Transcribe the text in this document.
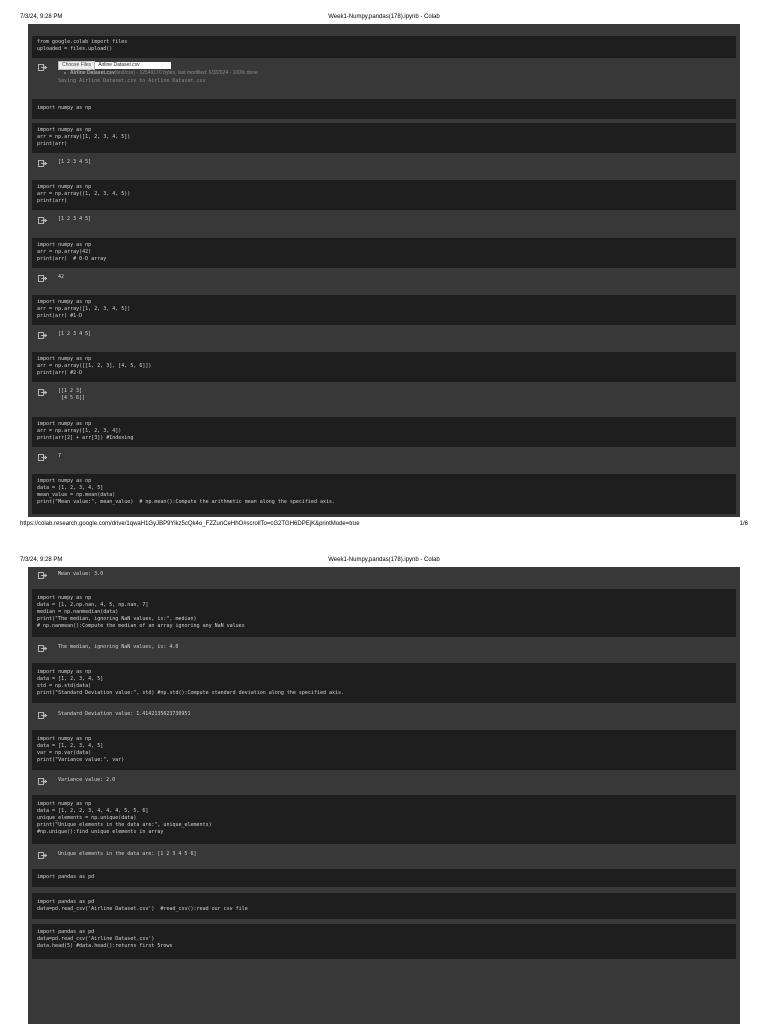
7/3/24, 9:28 PM	Week1-Numpy,pandas(178).ipynb - Colab
from google.colab import files
uploaded = files.upload()
Choose Files	Airline Dataset.csv
Airline Dataset.csv(text/csv) - 12549170 bytes, last modified: 6/3/2024 - 100% done
Saving Airline Dataset.csv to Airline Dataset.csv
import numpy as np
import numpy as np
arr = np.array([1, 2, 3, 4, 5])
print(arr)
[1 2 3 4 5]
import numpy as np
arr = np.array((1, 2, 3, 4, 5))
print(arr)
[1 2 3 4 5]
import numpy as np
arr = np.array(42)
print(arr)  # 0-D array
42
import numpy as np
arr = np.array([1, 2, 3, 4, 5])
print(arr) #1-D
[1 2 3 4 5]
import numpy as np
arr = np.array([[1, 2, 3], [4, 5, 6]])
print(arr) #2-D
[[1 2 3]
[4 5 6]]
import numpy as np
arr = np.array([1, 2, 3, 4])
print(arr[2] + arr[3]) #Indexing
7
import numpy as np
data = [1, 2, 3, 4, 5]
mean_value = np.mean(data)
print("Mean value:", mean_value)  # np.mean():Compute the arithmetic mean along the specified axis.
https://colab.research.google.com/drive/1qwaH1GyJBP9Yikz5cQk4o_FZZunCeHhO#scrollTo=cG2TGH6DPEjK&printMode=true	1/6
7/3/24, 9:28 PM	Week1-Numpy,pandas(178).ipynb - Colab
Mean value: 3.0
import numpy as np
data = [1, 2,np.nan, 4, 5, np.nan, 7]
median = np.nanmedian(data)
print("The median, ignoring NaN values, is:", median)
# np.nanmean():Compute the median of an array ignoring any NaN values
The median, ignoring NaN values, is: 4.0
import numpy as np
data = [1, 2, 3, 4, 5]
std = np.std(data)
print("Standard Deviation value:", std) #np.std():Compute standard deviation along the specified axis.
Standard Deviation value: 1.4142135623730951
import numpy as np
data = [1, 2, 3, 4, 5]
var = np.var(data)
print("Variance value:", var)
Variance value: 2.0
import numpy as np
data = [1, 2, 2, 3, 4, 4, 4, 5, 5, 6]
unique_elements = np.unique(data)
print("Unique elements in the data are:", unique_elements)
#np.unique():find unique elements in array
Unique elements in the data are: [1 2 3 4 5 6]
import pandas as pd
import pandas as pd
data=pd.read_csv('Airline Dataset.csv')  #read_csv():read our csv file
import pandas as pd
data=pd.read_csv('Airline Dataset.csv')
data.head(5) #data.head():returns first 5rows
